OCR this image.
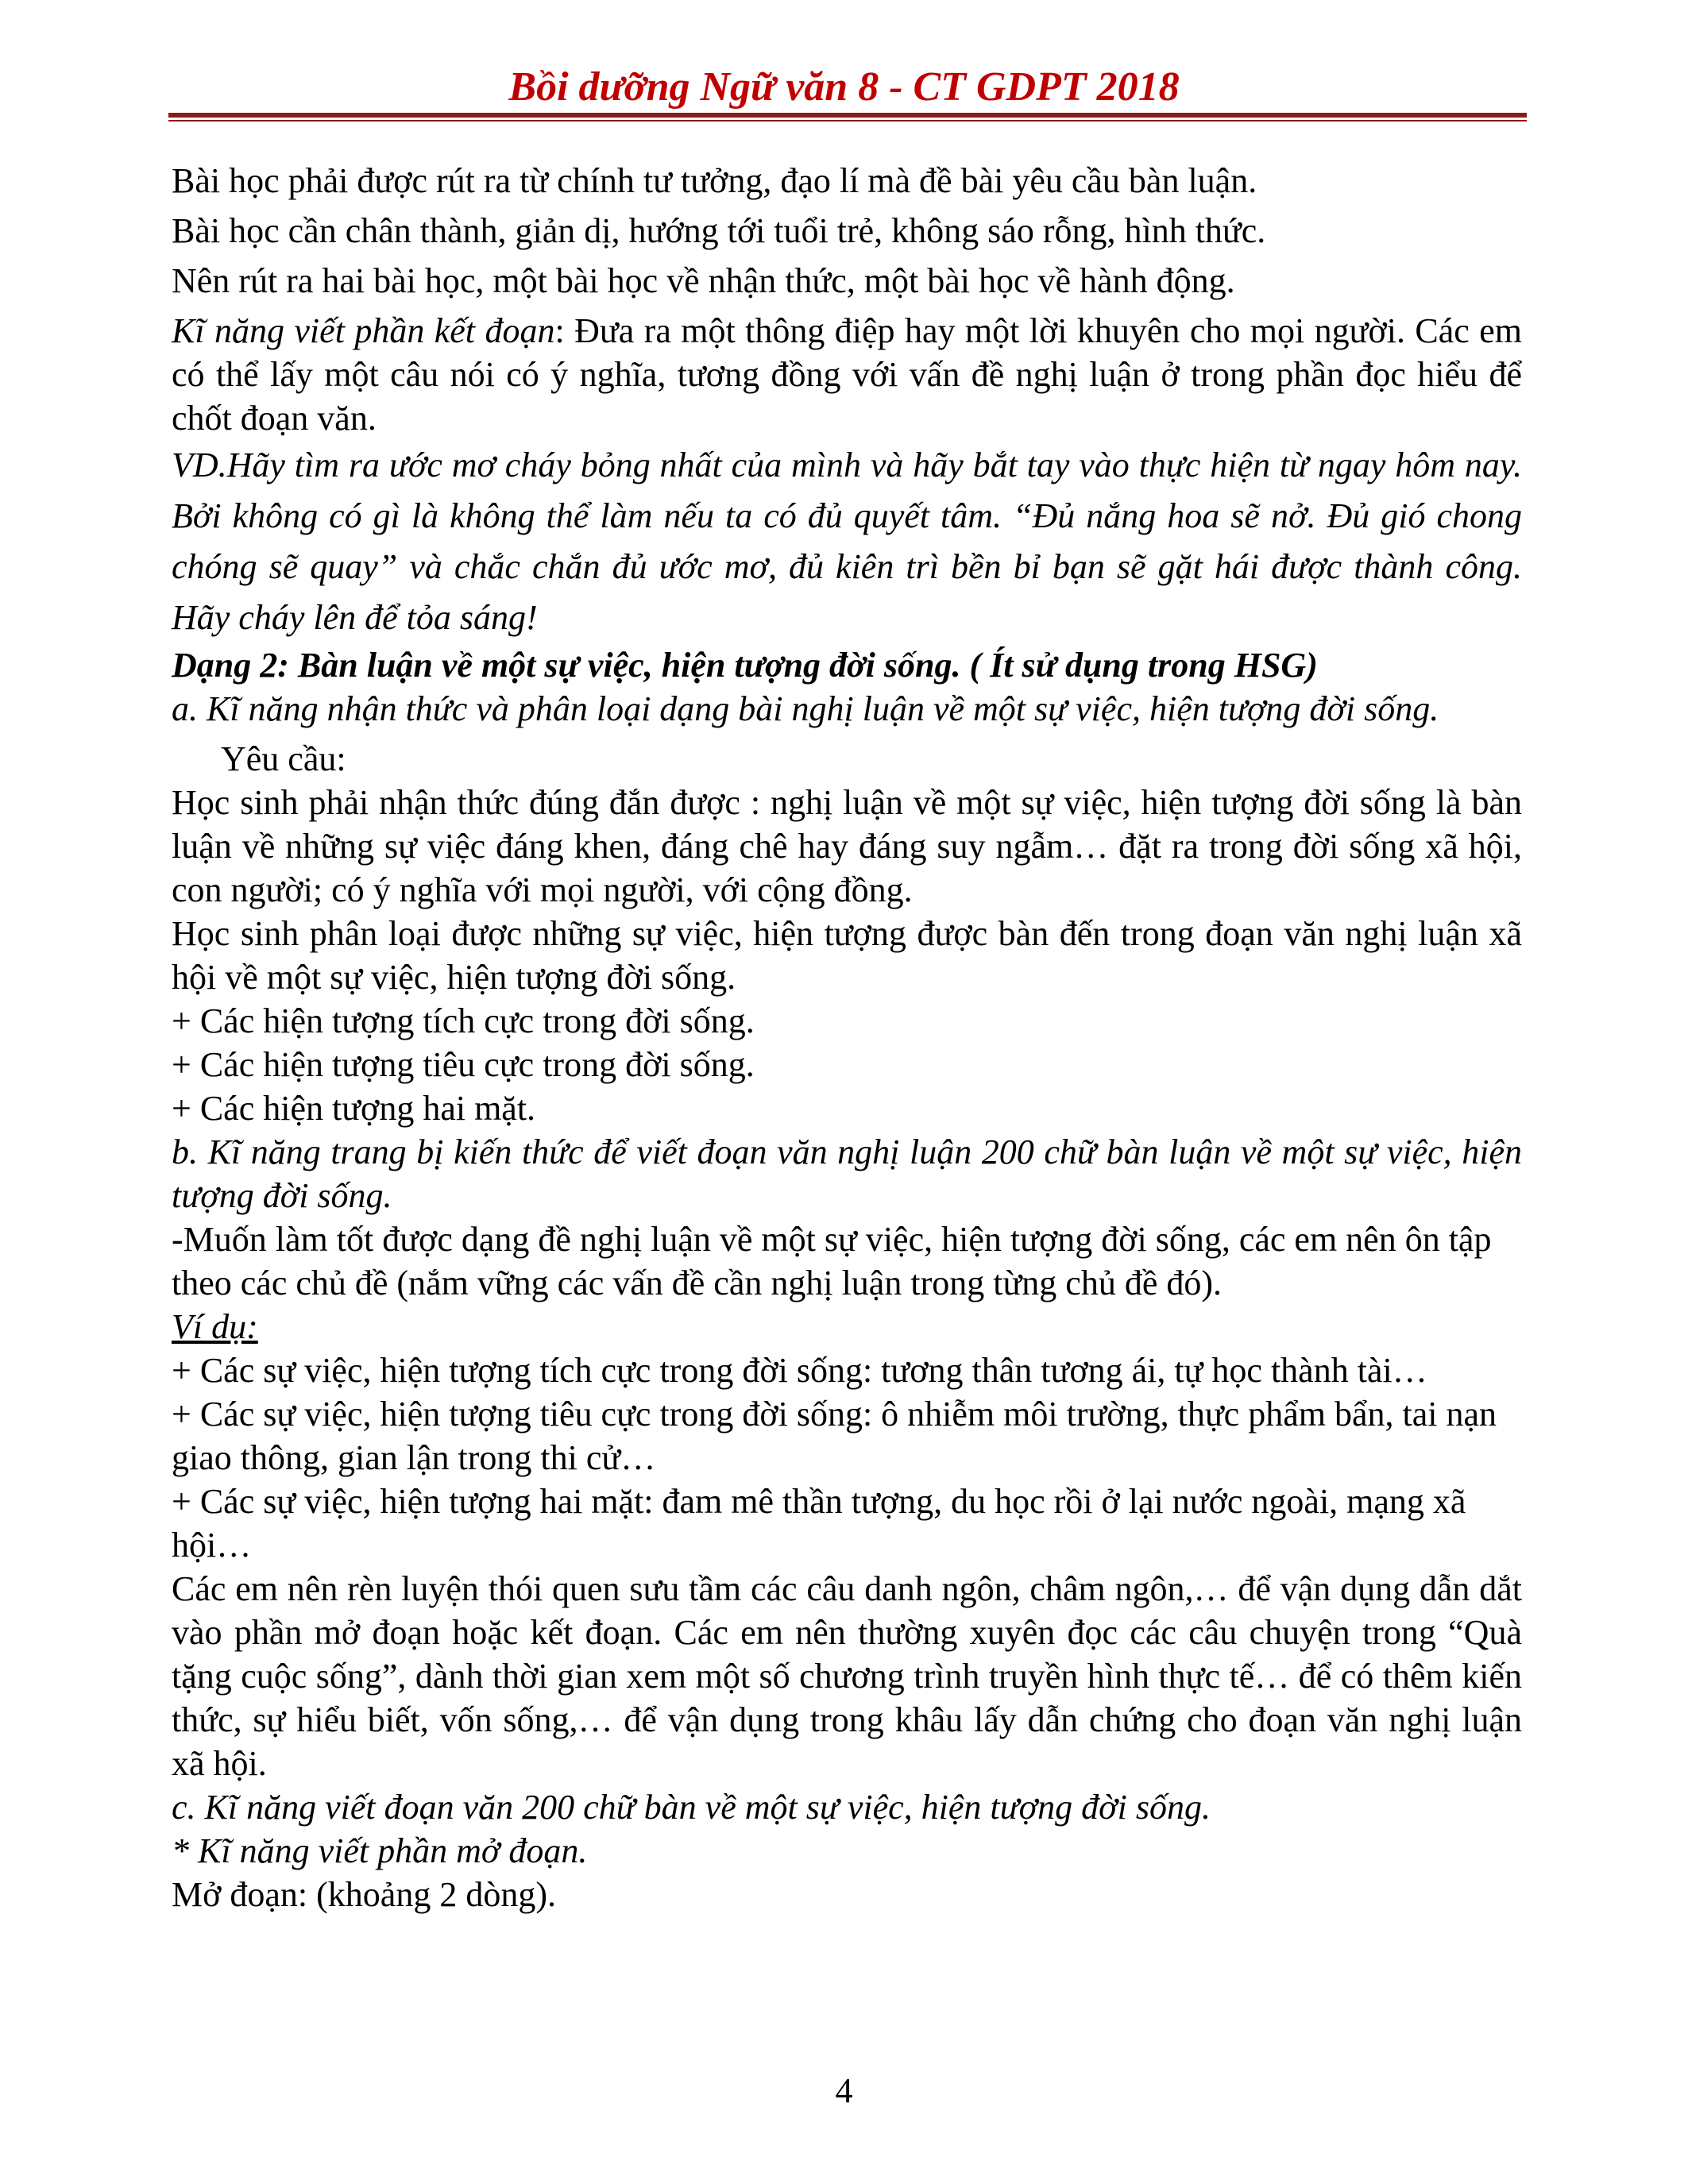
Bồi dưỡng Ngữ văn 8 - CT GDPT 2018

Bài học phải được rút ra từ chính tư tưởng, đạo lí mà đề bài yêu cầu bàn luận.

Bài học cần chân thành, giản dị, hướng tới tuổi trẻ, không sáo rỗng, hình thức.

Nên rút ra hai bài học, một bài học về nhận thức, một bài học về hành động.

Kĩ năng viết phần kết đoạn: Đưa ra một thông điệp hay một lời khuyên cho mọi người. Các em có thể lấy một câu nói có ý nghĩa, tương đồng với vấn đề nghị luận ở trong phần đọc hiểu để chốt đoạn văn.

VD.Hãy tìm ra ước mơ cháy bỏng nhất của mình và hãy bắt tay vào thực hiện từ ngay hôm nay. Bởi không có gì là không thể làm nếu ta có đủ quyết tâm. “Đủ nắng hoa sẽ nở. Đủ gió chong chóng sẽ quay” và chắc chắn đủ ước mơ, đủ kiên trì bền bỉ bạn sẽ gặt hái được thành công. Hãy cháy lên để tỏa sáng!

Dạng 2: Bàn luận về một sự việc, hiện tượng đời sống. ( Ít sử dụng trong HSG)

a. Kĩ năng nhận thức và phân loại dạng bài nghị luận về một sự việc, hiện tượng đời sống.

Yêu cầu:

Học sinh phải nhận thức đúng đắn được : nghị luận về một sự việc, hiện tượng đời sống là bàn luận về những sự việc đáng khen, đáng chê hay đáng suy ngẫm… đặt ra trong đời sống xã hội, con người; có ý nghĩa với mọi người, với cộng đồng.

Học sinh phân loại được những sự việc, hiện tượng được bàn đến trong đoạn văn nghị luận xã hội về một sự việc, hiện tượng đời sống.

+ Các hiện tượng tích cực trong đời sống.

+ Các hiện tượng tiêu cực trong đời sống.

+ Các hiện tượng hai mặt.

b. Kĩ năng trang bị kiến thức để viết đoạn văn nghị luận 200 chữ bàn luận về một sự việc, hiện tượng đời sống.

-Muốn làm tốt được dạng đề nghị luận về một sự việc, hiện tượng đời sống, các em nên ôn tập theo các chủ đề (nắm vững các vấn đề cần nghị luận trong từng chủ đề đó).

Ví dụ:

+ Các sự việc, hiện tượng tích cực trong đời sống: tương thân tương ái, tự học thành tài…

+ Các sự việc, hiện tượng tiêu cực trong đời sống: ô nhiễm môi trường, thực phẩm bẩn, tai nạn giao thông, gian lận trong thi cử…

+ Các sự việc, hiện tượng hai mặt: đam mê thần tượng, du học rồi ở lại nước ngoài, mạng xã hội…

Các em nên rèn luyện thói quen sưu tầm các câu danh ngôn, châm ngôn,… để vận dụng dẫn dắt vào phần mở đoạn hoặc kết đoạn. Các em nên thường xuyên đọc các câu chuyện trong “Quà tặng cuộc sống”, dành thời gian xem một số chương trình truyền hình thực tế… để có thêm kiến thức, sự hiểu biết, vốn sống,… để vận dụng trong khâu lấy dẫn chứng cho đoạn văn nghị luận xã hội.

c. Kĩ năng viết đoạn văn 200 chữ bàn về một sự việc, hiện tượng đời sống.

* Kĩ năng viết phần mở đoạn.

Mở đoạn: (khoảng 2 dòng).

4
